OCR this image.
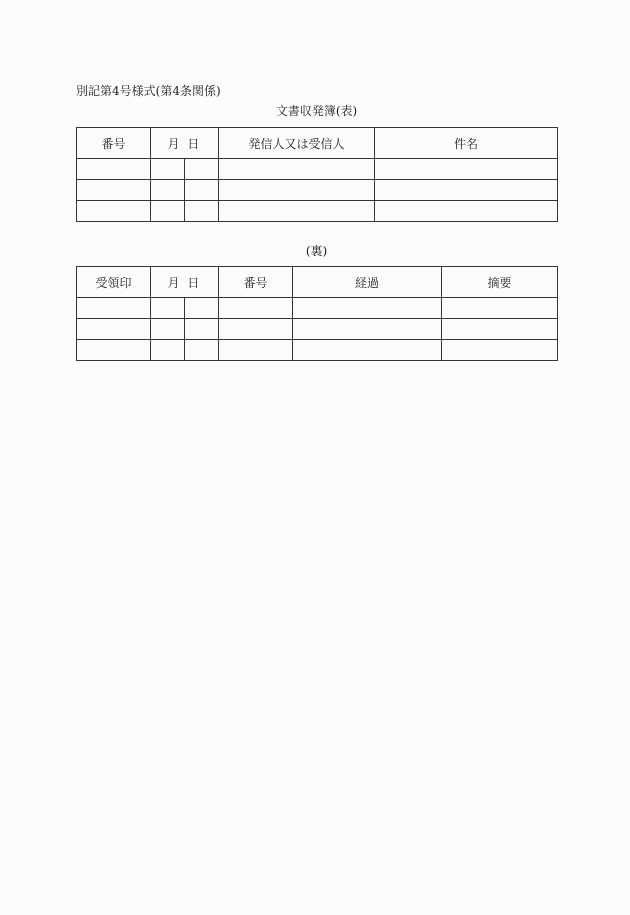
別記第4号様式(第4条関係)
文書収発簿(表)
番号	月 日		発信人又は受信人	件名

(裏)
受領印	月 日		番号	経過	摘要
